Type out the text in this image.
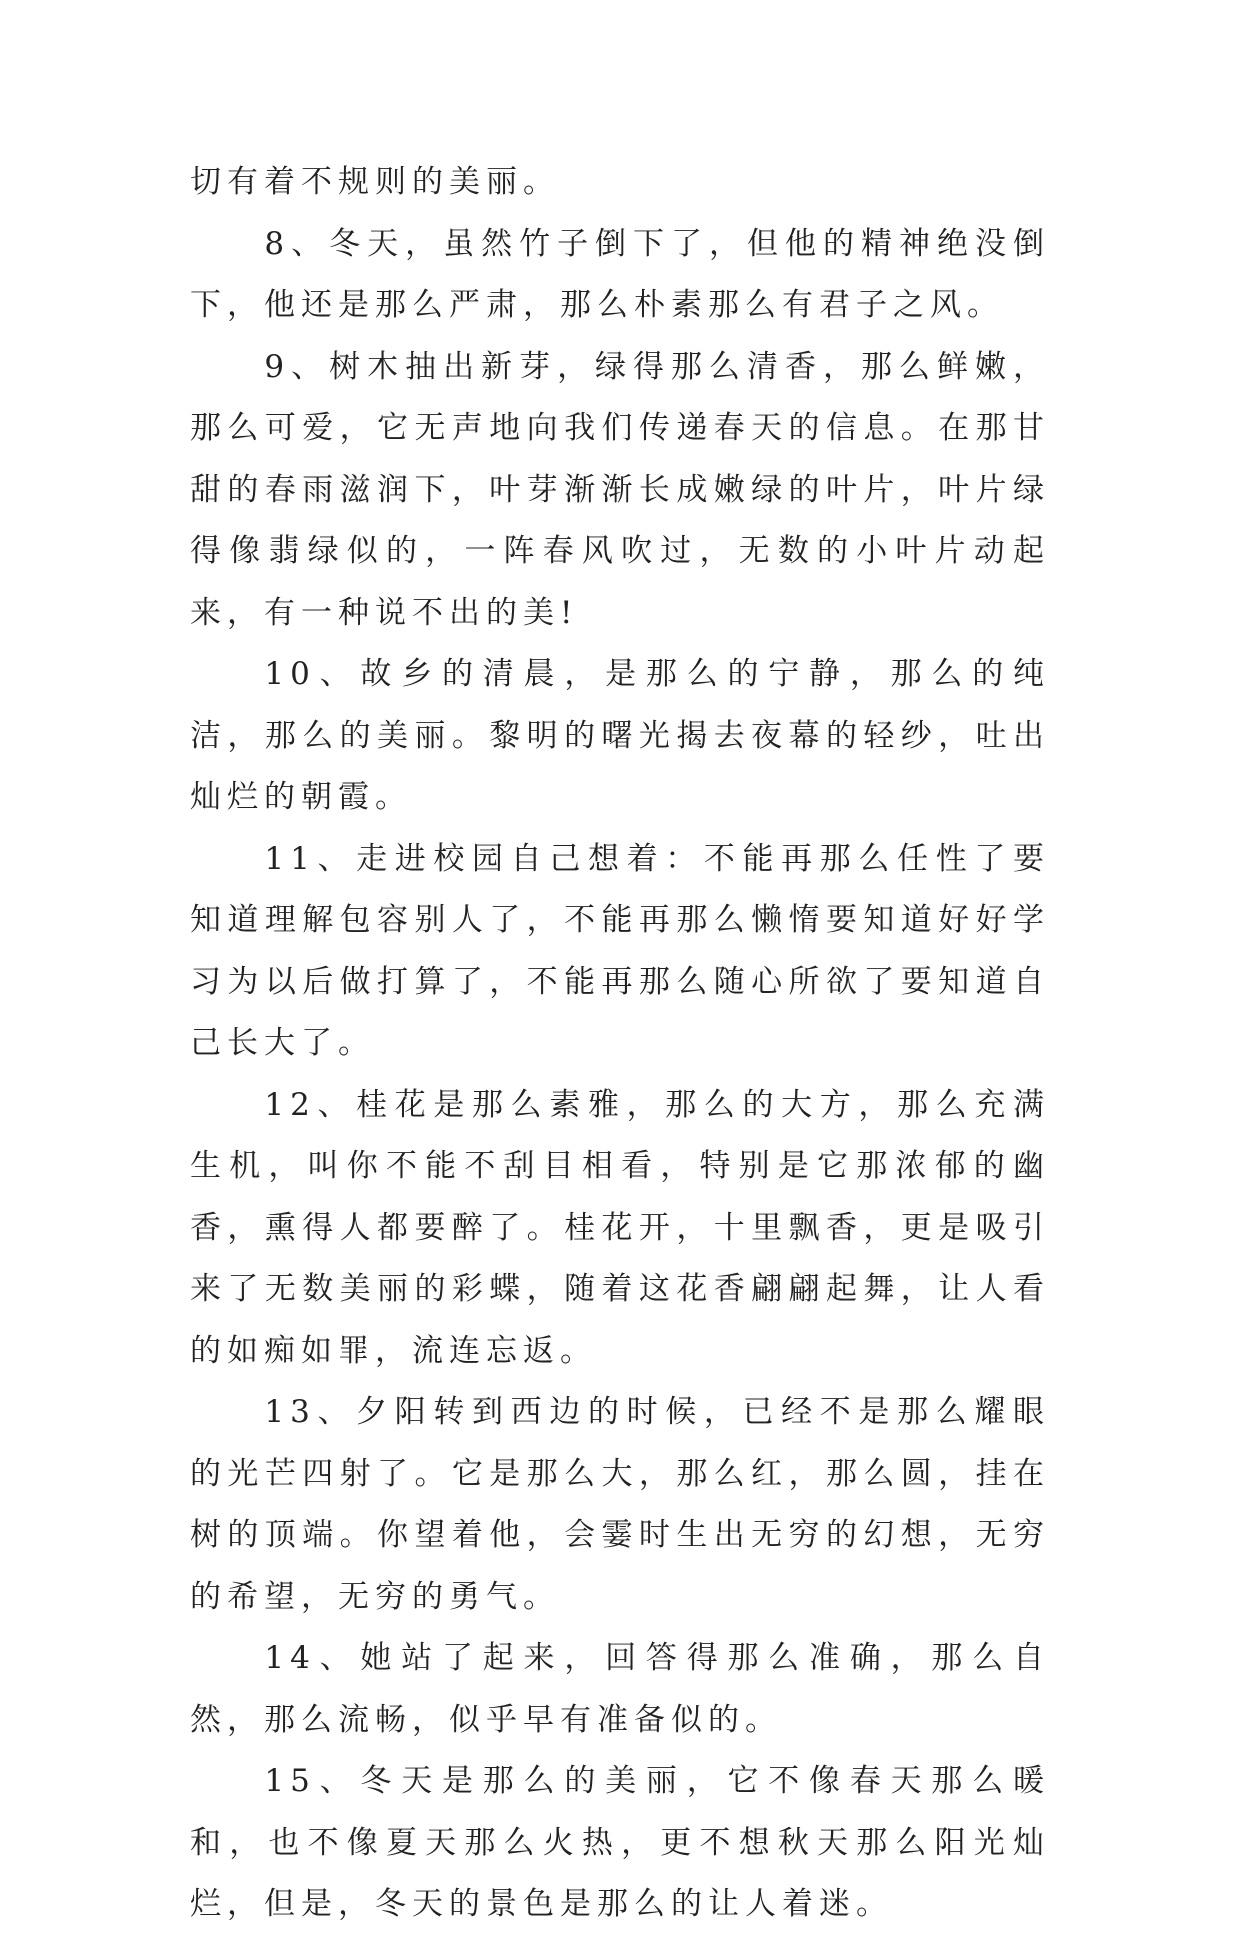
切有着不规则的美丽。

8、冬天，虽然竹子倒下了，但他的精神绝没倒下，他还是那么严肃，那么朴素那么有君子之风。

9、树木抽出新芽，绿得那么清香，那么鲜嫩，那么可爱，它无声地向我们传递春天的信息。在那甘甜的春雨滋润下，叶芽渐渐长成嫩绿的叶片，叶片绿得像翡绿似的，一阵春风吹过，无数的小叶片动起来，有一种说不出的美!

10、故乡的清晨，是那么的宁静，那么的纯洁，那么的美丽。黎明的曙光揭去夜幕的轻纱，吐出灿烂的朝霞。

11、走进校园自己想着：不能再那么任性了要知道理解包容别人了，不能再那么懒惰要知道好好学习为以后做打算了，不能再那么随心所欲了要知道自己长大了。

12、桂花是那么素雅，那么的大方，那么充满生机，叫你不能不刮目相看，特别是它那浓郁的幽香，熏得人都要醉了。桂花开，十里飘香，更是吸引来了无数美丽的彩蝶，随着这花香翩翩起舞，让人看的如痴如罪，流连忘返。

13、夕阳转到西边的时候，已经不是那么耀眼的光芒四射了。它是那么大，那么红，那么圆，挂在树的顶端。你望着他，会霎时生出无穷的幻想，无穷的希望，无穷的勇气。

14、她站了起来，回答得那么准确，那么自然，那么流畅，似乎早有准备似的。

15、冬天是那么的美丽，它不像春天那么暖和，也不像夏天那么火热，更不想秋天那么阳光灿烂，但是，冬天的景色是那么的让人着迷。
